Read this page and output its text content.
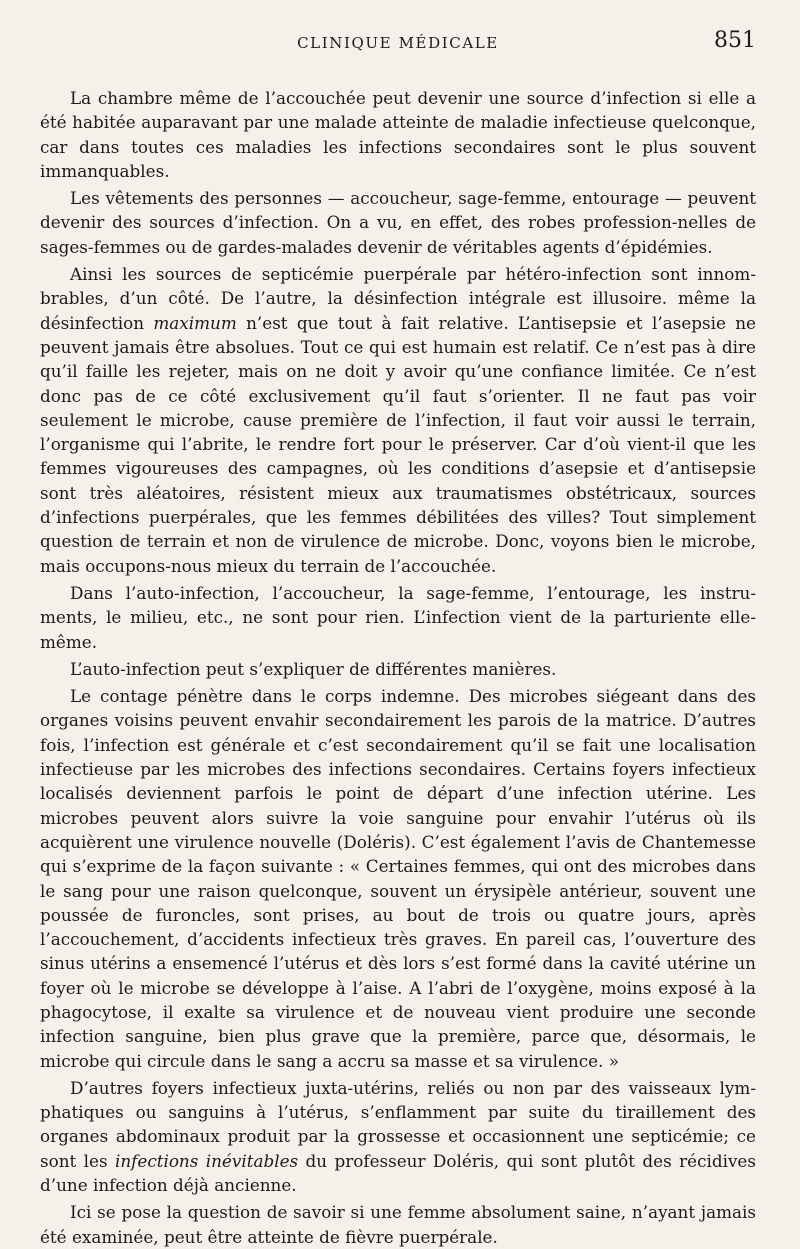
CLINIQUE MÉDICALE	851

La chambre même de l’accouchée peut devenir une source d’infection si elle a été habitée auparavant par une malade atteinte de maladie infectieuse quelconque, car dans toutes ces maladies les infections secondaires sont le plus souvent immanquables.

Les vêtements des personnes — accoucheur, sage-femme, entourage — peuvent devenir des sources d’infection. On a vu, en effet, des robes profession-nelles de sages-femmes ou de gardes-malades devenir de véritables agents d’épidémies.

Ainsi les sources de septicémie puerpérale par hétéro-infection sont innom-brables, d’un côté. De l’autre, la désinfection intégrale est illusoire. même la désinfection maximum n’est que tout à fait relative. L’antisepsie et l’asepsie ne peuvent jamais être absolues. Tout ce qui est humain est relatif. Ce n’est pas à dire qu’il faille les rejeter, mais on ne doit y avoir qu’une confiance limitée. Ce n’est donc pas de ce côté exclusivement qu’il faut s’orienter. Il ne faut pas voir seulement le microbe, cause première de l’infection, il faut voir aussi le terrain, l’organisme qui l’abrite, le rendre fort pour le préserver. Car d’où vient-il que les femmes vigoureuses des campagnes, où les conditions d’asepsie et d’antisepsie sont très aléatoires, résistent mieux aux traumatismes obstétricaux, sources d’infections puerpérales, que les femmes débilitées des villes? Tout simplement question de terrain et non de virulence de microbe. Donc, voyons bien le microbe, mais occupons-nous mieux du terrain de l’accouchée.

Dans l’auto-infection, l’accoucheur, la sage-femme, l’entourage, les instru-ments, le milieu, etc., ne sont pour rien. L’infection vient de la parturiente elle-même.

L’auto-infection peut s’expliquer de différentes manières.

Le contage pénètre dans le corps indemne. Des microbes siégeant dans des organes voisins peuvent envahir secondairement les parois de la matrice. D’autres fois, l’infection est générale et c’est secondairement qu’il se fait une localisation infectieuse par les microbes des infections secondaires. Certains foyers infectieux localisés deviennent parfois le point de départ d’une infection utérine. Les microbes peuvent alors suivre la voie sanguine pour envahir l’utérus où ils acquièrent une virulence nouvelle (Doléris). C’est également l’avis de Chantemesse qui s’exprime de la façon suivante : « Certaines femmes, qui ont des microbes dans le sang pour une raison quelconque, souvent un érysipèle antérieur, souvent une poussée de furoncles, sont prises, au bout de trois ou quatre jours, après l’accouchement, d’accidents infectieux très graves. En pareil cas, l’ouverture des sinus utérins a ensemencé l’utérus et dès lors s’est formé dans la cavité utérine un foyer où le microbe se développe à l’aise. A l’abri de l’oxygène, moins exposé à la phagocytose, il exalte sa virulence et de nouveau vient produire une seconde infection sanguine, bien plus grave que la première, parce que, désormais, le microbe qui circule dans le sang a accru sa masse et sa virulence. »

D’autres foyers infectieux juxta-utérins, reliés ou non par des vaisseaux lym-phatiques ou sanguins à l’utérus, s’enflamment par suite du tiraillement des organes abdominaux produit par la grossesse et occasionnent une septicémie; ce sont les infections inévitables du professeur Doléris, qui sont plutôt des récidives d’une infection déjà ancienne.

Ici se pose la question de savoir si une femme absolument saine, n’ayant jamais été examinée, peut être atteinte de fièvre puerpérale.
